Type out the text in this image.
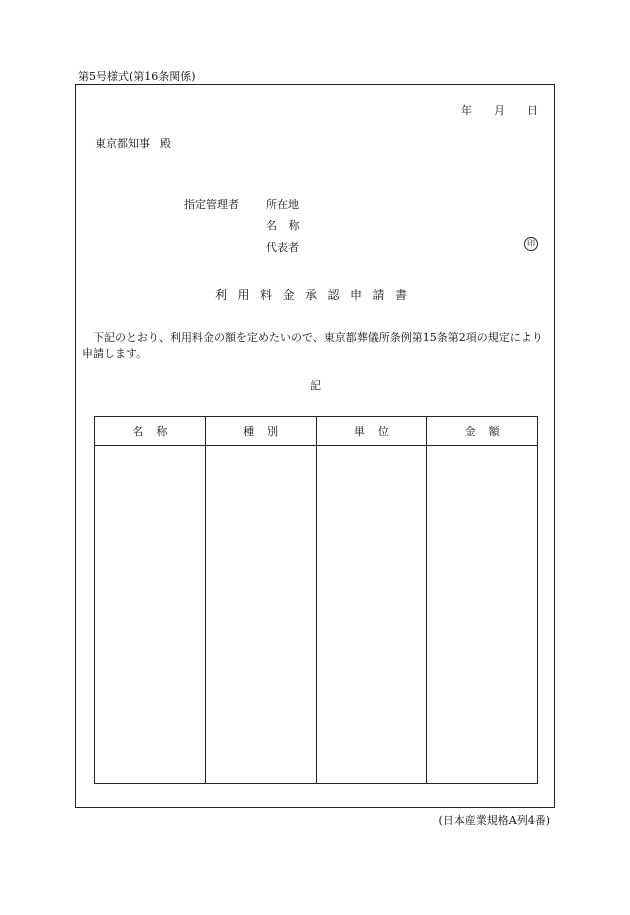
第5号様式(第16条関係)
年 月 日
東京都知事 殿
指定管理者 所在地
名 称
代表者	印
利用料金承認申請書
下記のとおり、利用料金の額を定めたいので、東京都葬儀所条例第15条第2項の規定により申請します。
記
名称	種別	単位	金額

(日本産業規格A列4番)
